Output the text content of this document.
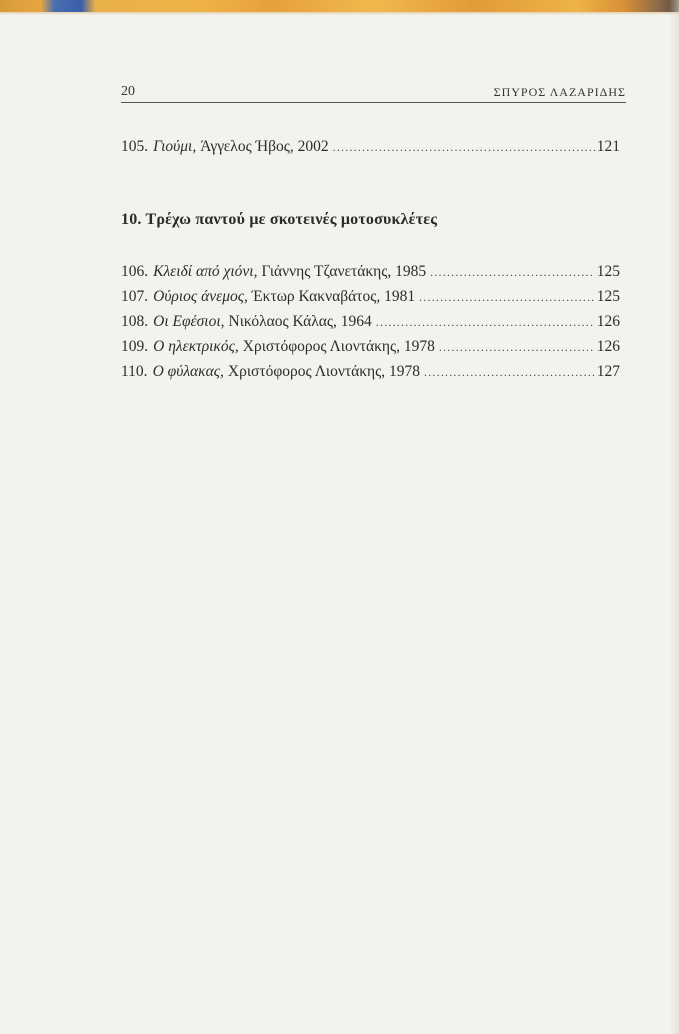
20	ΣΠΥΡΟΣ ΛΑΖΑΡΙΔΗΣ
105. Γιούμι, Άγγελος Ήβος, 2002 .....	121
10. Τρέχω παντού με σκοτεινές μοτοσυκλέτες
106. Κλειδί από χιόνι, Γιάννης Τζανετάκης, 1985 .....	125
107. Ούριος άνεμος, Έκτωρ Κακναβάτος, 1981 .....	125
108. Οι Εφέσιοι, Νικόλαος Κάλας, 1964 .....	126
109. Ο ηλεκτρικός, Χριστόφορος Λιοντάκης, 1978 .....	126
110. Ο φύλακας, Χριστόφορος Λιοντάκης, 1978 .....	127
